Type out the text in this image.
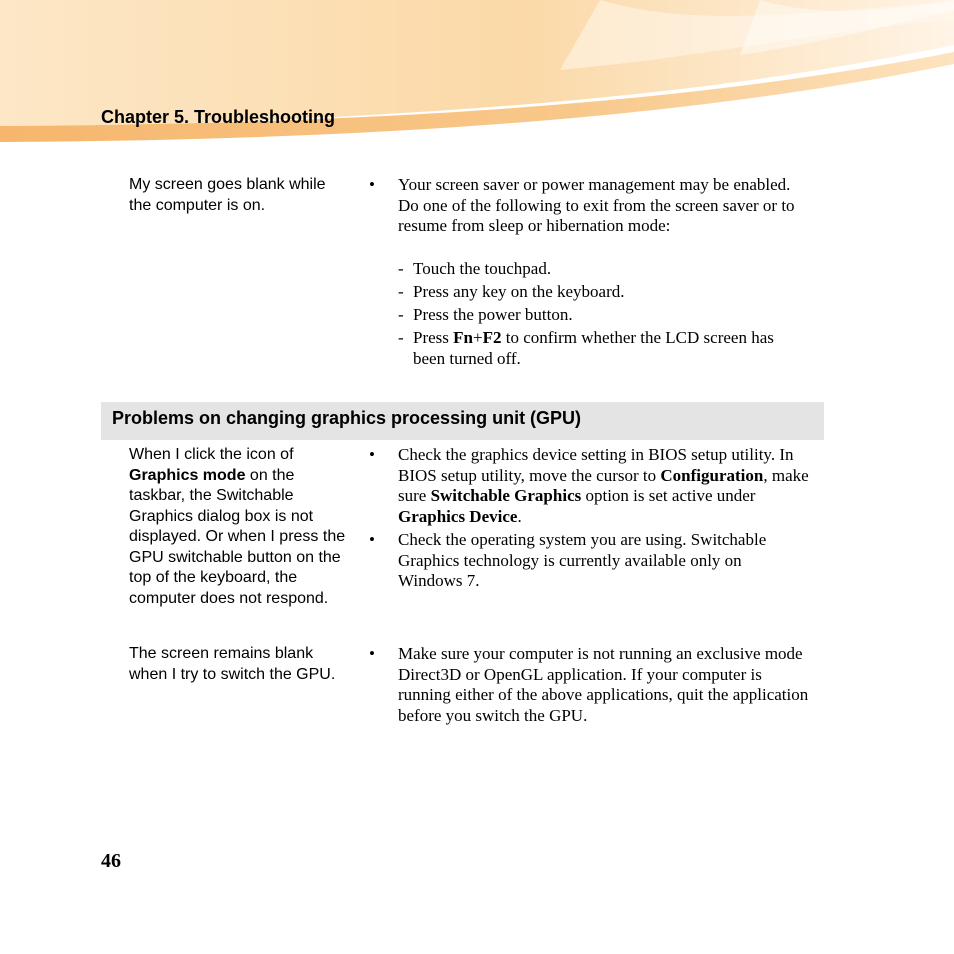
Chapter 5. Troubleshooting
My screen goes blank while the computer is on.
• Your screen saver or power management may be enabled. Do one of the following to exit from the screen saver or to resume from sleep or hibernation mode:
- Touch the touchpad.
- Press any key on the keyboard.
- Press the power button.
- Press Fn+F2 to confirm whether the LCD screen has been turned off.
Problems on changing graphics processing unit (GPU)
When I click the icon of Graphics mode on the taskbar, the Switchable Graphics dialog box is not displayed. Or when I press the GPU switchable button on the top of the keyboard, the computer does not respond.
• Check the graphics device setting in BIOS setup utility. In BIOS setup utility, move the cursor to Configuration, make sure Switchable Graphics option is set active under Graphics Device.
• Check the operating system you are using. Switchable Graphics technology is currently available only on Windows 7.
The screen remains blank when I try to switch the GPU.
• Make sure your computer is not running an exclusive mode Direct3D or OpenGL application. If your computer is running either of the above applications, quit the application before you switch the GPU.
46
